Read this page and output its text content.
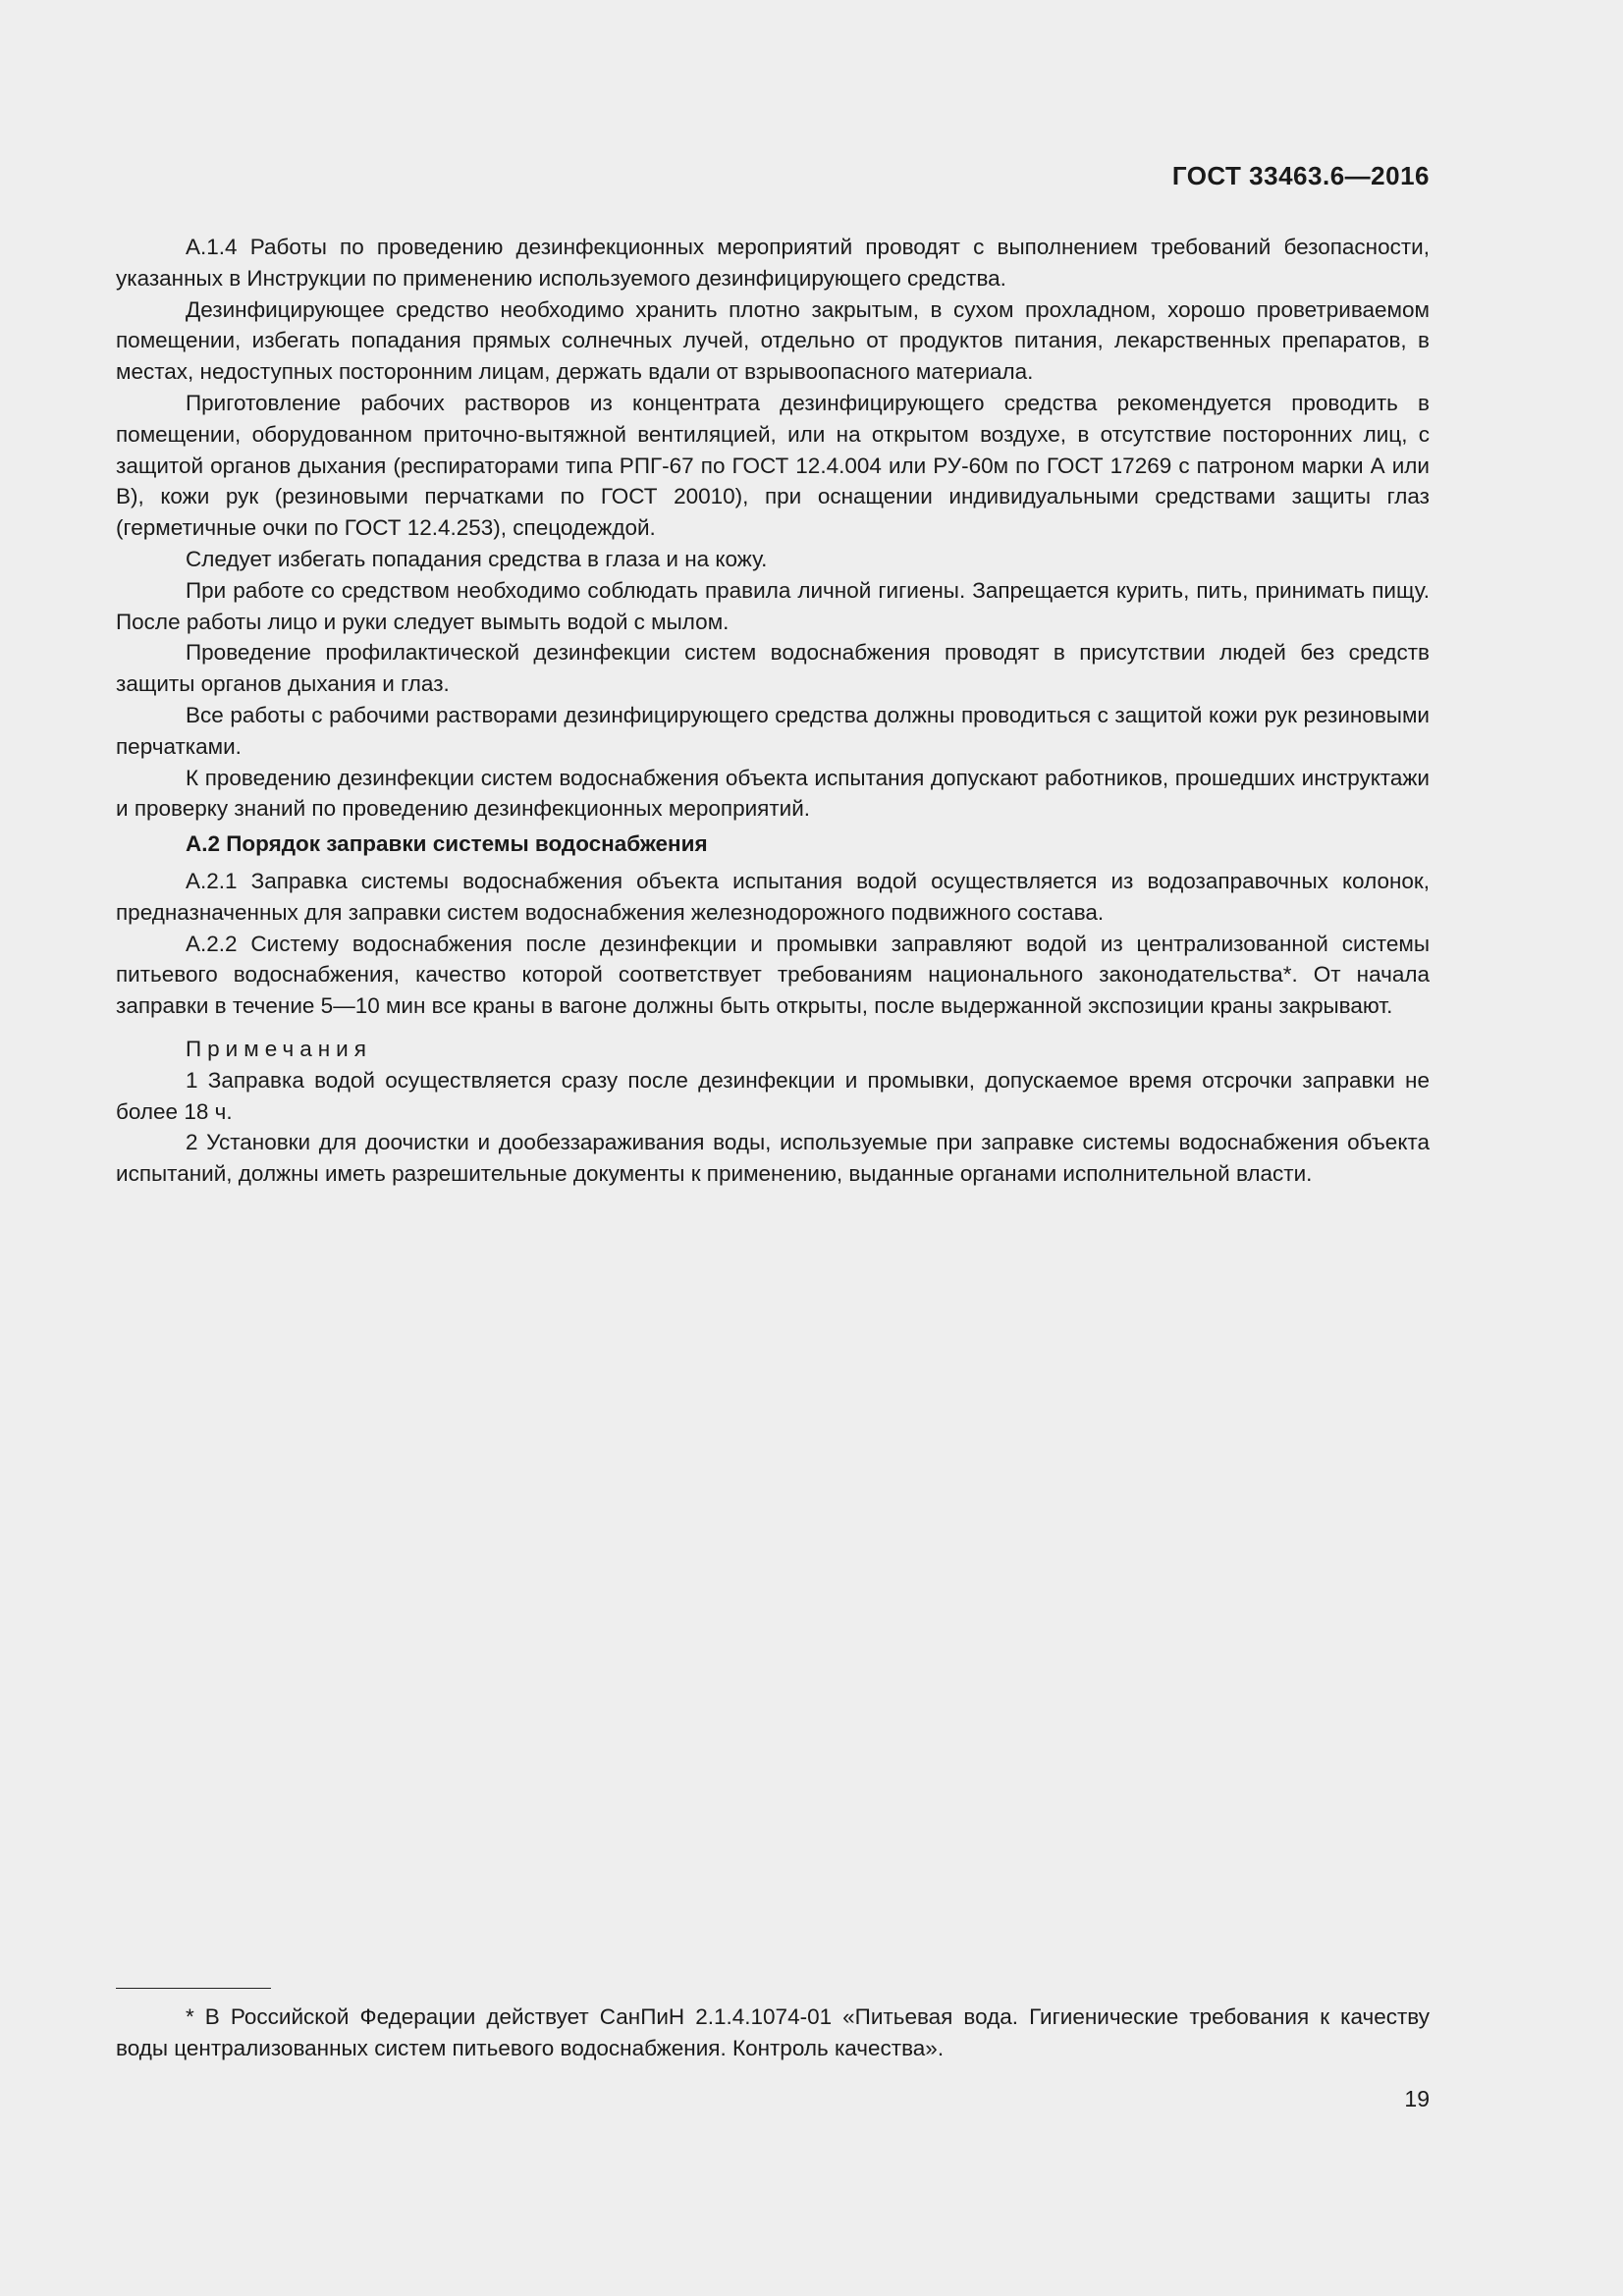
ГОСТ 33463.6—2016

А.1.4 Работы по проведению дезинфекционных мероприятий проводят с выполнением требований безопасности, указанных в Инструкции по применению используемого дезинфицирующего средства.

Дезинфицирующее средство необходимо хранить плотно закрытым, в сухом прохладном, хорошо проветриваемом помещении, избегать попадания прямых солнечных лучей, отдельно от продуктов питания, лекарственных препаратов, в местах, недоступных посторонним лицам, держать вдали от взрывоопасного материала.

Приготовление рабочих растворов из концентрата дезинфицирующего средства рекомендуется проводить в помещении, оборудованном приточно-вытяжной вентиляцией, или на открытом воздухе, в отсутствие посторонних лиц, с защитой органов дыхания (респираторами типа РПГ-67 по ГОСТ 12.4.004 или РУ-60м по ГОСТ 17269 с патроном марки А или В), кожи рук (резиновыми перчатками по ГОСТ 20010), при оснащении индивидуальными средствами защиты глаз (герметичные очки по ГОСТ 12.4.253), спецодеждой.

Следует избегать попадания средства в глаза и на кожу.

При работе со средством необходимо соблюдать правила личной гигиены. Запрещается курить, пить, принимать пищу. После работы лицо и руки следует вымыть водой с мылом.

Проведение профилактической дезинфекции систем водоснабжения проводят в присутствии людей без средств защиты органов дыхания и глаз.

Все работы с рабочими растворами дезинфицирующего средства должны проводиться с защитой кожи рук резиновыми перчатками.

К проведению дезинфекции систем водоснабжения объекта испытания допускают работников, прошедших инструктажи и проверку знаний по проведению дезинфекционных мероприятий.

А.2 Порядок заправки системы водоснабжения

А.2.1 Заправка системы водоснабжения объекта испытания водой осуществляется из водозаправочных колонок, предназначенных для заправки систем водоснабжения железнодорожного подвижного состава.

А.2.2 Систему водоснабжения после дезинфекции и промывки заправляют водой из централизованной системы питьевого водоснабжения, качество которой соответствует требованиям национального законодательства*. От начала заправки в течение 5—10 мин все краны в вагоне должны быть открыты, после выдержанной экспозиции краны закрывают.

Примечания

1 Заправка водой осуществляется сразу после дезинфекции и промывки, допускаемое время отсрочки заправки не более 18 ч.

2 Установки для доочистки и дообеззараживания воды, используемые при заправке системы водоснабжения объекта испытаний, должны иметь разрешительные документы к применению, выданные органами исполнительной власти.

* В Российской Федерации действует СанПиН 2.1.4.1074-01 «Питьевая вода. Гигиенические требования к качеству воды централизованных систем питьевого водоснабжения. Контроль качества».

19
